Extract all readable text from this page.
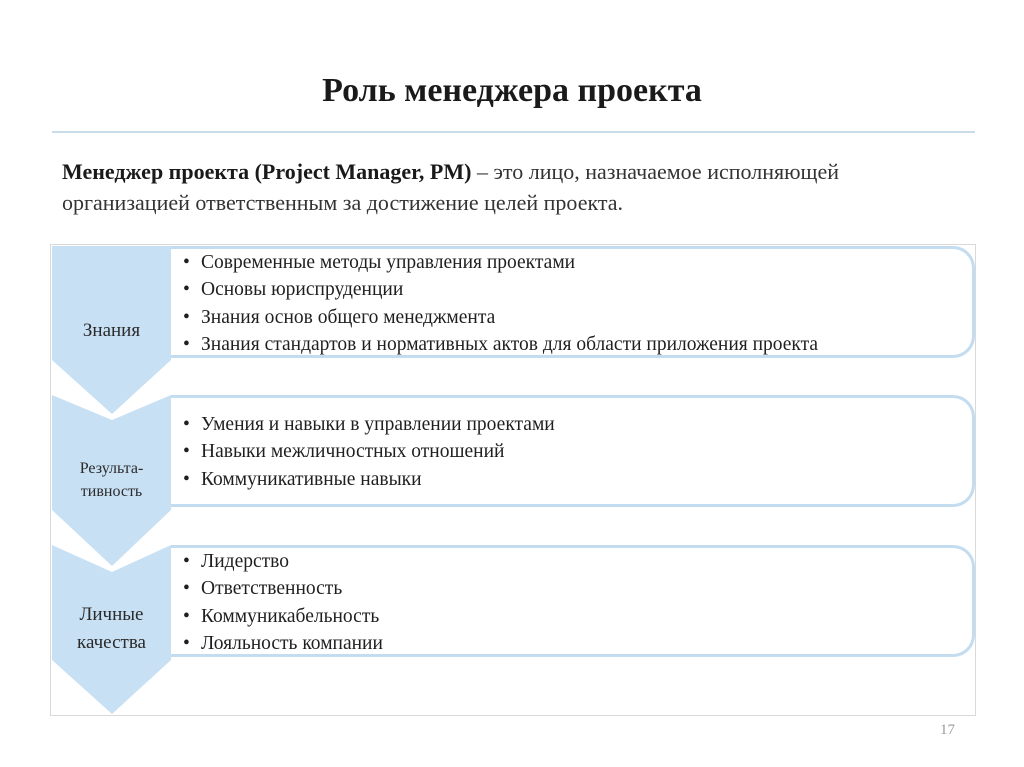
Роль менеджера проекта

Менеджер проекта (Project Manager, PM) – это лицо, назначаемое исполняющей организацией ответственным за достижение целей проекта.

Знания
Результа-
тивность
Личные
качества
• Современные методы управления проектами
• Основы юриспруденции
• Знания основ общего менеджмента
• Знания стандартов и нормативных актов для области приложения проекта
• Умения и навыки в управлении проектами
• Навыки межличностных отношений
• Коммуникативные навыки
• Лидерство
• Ответственность
• Коммуникабельность
• Лояльность компании
17
